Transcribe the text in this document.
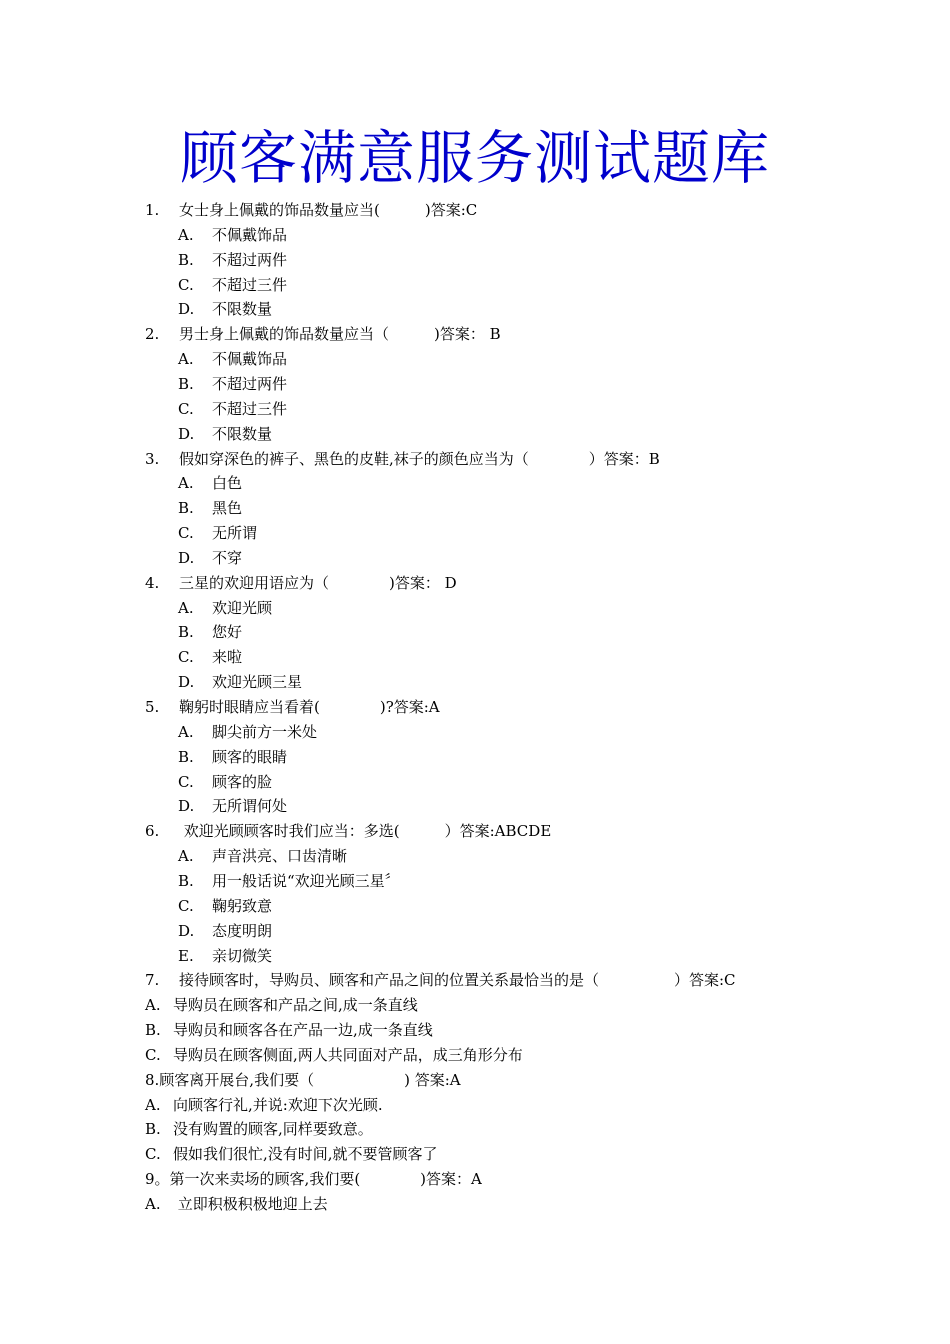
顾客满意服务测试题库
1. 女士身上佩戴的饰品数量应当(　　　)答案:C
A. 不佩戴饰品
B. 不超过两件
C. 不超过三件
D. 不限数量
2. 男士身上佩戴的饰品数量应当（　　　)答案： B
A. 不佩戴饰品
B. 不超过两件
C. 不超过三件
D. 不限数量
3. 假如穿深色的裤子、黑色的皮鞋,袜子的颜色应当为（　　　　）答案：B
A. 白色
B. 黑色
C. 无所谓
D. 不穿
4. 三星的欢迎用语应为（　　　　)答案： D
A. 欢迎光顾
B. 您好
C. 来啦
D. 欢迎光顾三星
5. 鞠躬时眼睛应当看着(　　　　)?答案:A
A. 脚尖前方一米处
B. 顾客的眼睛
C. 顾客的脸
D. 无所谓何处
6. 欢迎光顾顾客时我们应当：多选(　　　）答案:ABCDE
A. 声音洪亮、口齿清晰
B. 用一般话说“欢迎光顾三星〞
C. 鞠躬致意
D. 态度明朗
E. 亲切微笑
7. 接待顾客时，导购员、顾客和产品之间的位置关系最恰当的是（　　　　　）答案:C
A. 导购员在顾客和产品之间,成一条直线
B. 导购员和顾客各在产品一边,成一条直线
C. 导购员在顾客侧面,两人共同面对产品，成三角形分布
8.顾客离开展台,我们要（　　　　　　) 答案:A
A. 向顾客行礼,并说:欢迎下次光顾.
B. 没有购置的顾客,同样要致意。
C. 假如我们很忙,没有时间,就不要管顾客了
9。第一次来卖场的顾客,我们要(　　　　)答案：A
A. 立即积极积极地迎上去
